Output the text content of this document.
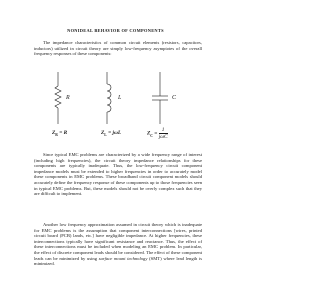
NONIDEAL BEHAVIOR OF COMPONENTS

The impedance characteristics of common circuit elements (resistors, capacitors, inductors) utilized in circuit theory are simply low-frequency asymptotes of the overall frequency responses of these components:

R	L	C
$Z_R = R$	$Z_L = j\omega L$	$Z_C = \frac{1}{\text{jωC}}$

Since typical EMC problems are characterized by a wide frequency range of interest (including high frequencies), the circuit theory impedance relationships for these components are typically inadequate. Thus, the low-frequency circuit component impedance models must be extended to higher frequencies in order to accurately model these components in EMC problems. These broadband circuit component models should accurately define the frequency response of these components up to those frequencies seen in typical EMC problems. But, these models should not be overly complex such that they are difficult to implement.

Another low frequency approximation assumed in circuit theory which is inadequate for EMC problems is the assumption that component interconnections [wires, printed circuit board (PCB) lands, etc.] have negligible impedance. At higher frequencies, these interconnections typically have significant resistance and reactance. Thus, the effect of these interconnections must be included when modeling an EMC problem. In particular, the effect of discrete component leads should be considered. The effect of these component leads can be minimized by using surface mount technology (SMT) where lead length is minimized.
